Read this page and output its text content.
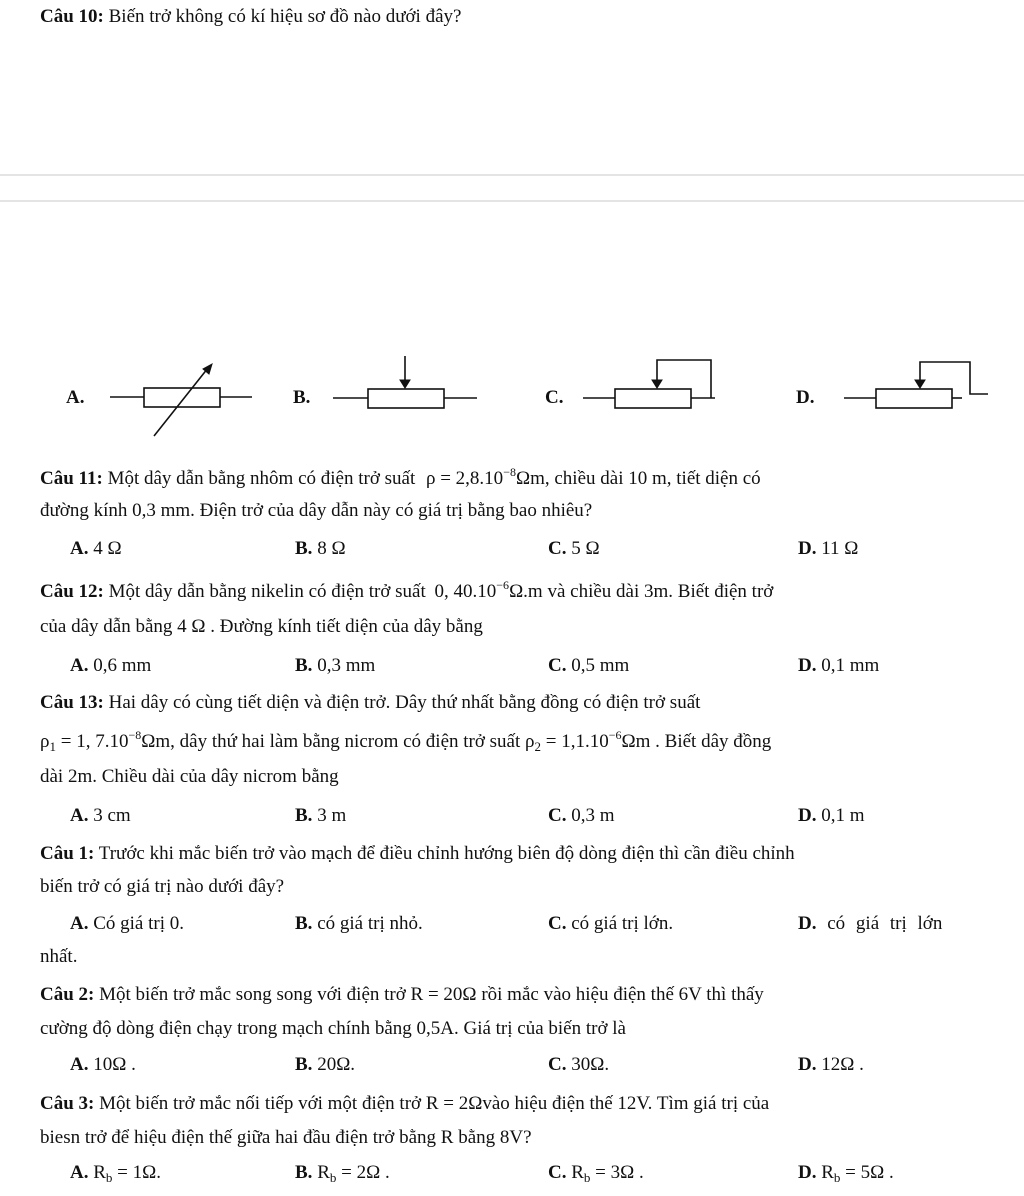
Câu 10: Biến trở không có kí hiệu sơ đồ nào dưới đây?
A.	B.	C.	D.
Câu 11: Một dây dẫn bằng nhôm có điện trở suất $\rho = 2,8.10^{-8}\Omega m$, chiều dài 10 m, tiết diện có
đường kính 0,3 mm. Điện trở của dây dẫn này có giá trị bằng bao nhiêu?
A. 4 Ω	B. 8 Ω	C. 5 Ω	D. 11 Ω
Câu 12: Một dây dẫn bằng nikelin có điện trở suất 0, $40.10^{-6}\Omega.m$ và chiều dài 3m. Biết điện trở
của dây dẫn bằng 4 Ω . Đường kính tiết diện của dây bằng
A. 0,6 mm	B. 0,3 mm	C. 0,5 mm	D. 0,1 mm
Câu 13: Hai dây có cùng tiết diện và điện trở. Dây thứ nhất bằng đồng có điện trở suất
$\rho_1 = 1$, $7.10^{-8}\Omega m$, dây thứ hai làm bằng nicrom có điện trở suất $\rho_2 = 1,1.10^{-6}\Omega m$ . Biết dây đồng
dài 2m. Chiều dài của dây nicrom bằng
A. 3 cm	B. 3 m	C. 0,3 m	D. 0,1 m
Câu 1: Trước khi mắc biến trở vào mạch để điều chỉnh hướng biên độ dòng điện thì cần điều chỉnh
biến trở có giá trị nào dưới đây?
A. Có giá trị 0.	B. có giá trị nhỏ.	C. có giá trị lớn.	D. có giá trị lớn
nhất.
Câu 2: Một biến trở mắc song song với điện trở R = 20Ω rồi mắc vào hiệu điện thế 6V thì thấy
cường độ dòng điện chạy trong mạch chính bằng 0,5A. Giá trị của biến trở là
A. 10Ω .	B. 20Ω.	C. 30Ω.	D. 12Ω .
Câu 3: Một biến trở mắc nối tiếp với một điện trở R = 2Ωvào hiệu điện thế 12V. Tìm giá trị của
biesn trở để hiệu điện thế giữa hai đầu điện trở bằng R bằng 8V?
A. $R_b = 1\Omega$.	B. $R_b = 2\Omega$ .	C. $R_b = 3\Omega$ .	D. $R_b = 5\Omega$ .
